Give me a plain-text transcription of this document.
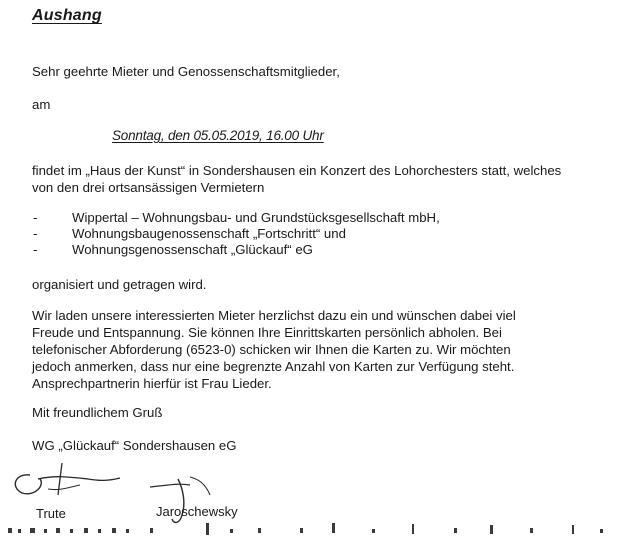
Aushang
Sehr geehrte Mieter und Genossenschaftsmitglieder,
am
Sonntag, den 05.05.2019, 16.00 Uhr
findet im „Haus der Kunst“ in Sondershausen ein Konzert des Lohorchesters statt, welches
von den drei ortsansässigen Vermietern
-	Wippertal – Wohnungsbau- und Grundstücksgesellschaft mbH,
-	Wohnungsbaugenossenschaft „Fortschritt“ und
-	Wohnungsgenossenschaft „Glückauf“ eG
organisiert und getragen wird.
Wir laden unsere interessierten Mieter herzlichst dazu ein und wünschen dabei viel
Freude und Entspannung. Sie können Ihre Einrittskarten persönlich abholen. Bei
telefonischer Abforderung (6523-0) schicken wir Ihnen die Karten zu. Wir möchten
jedoch anmerken, dass nur eine begrenzte Anzahl von Karten zur Verfügung steht.
Ansprechpartnerin hierfür ist Frau Lieder.
Mit freundlichem Gruß
WG „Glückauf“ Sondershausen eG
Trute	Jaroschewsky
